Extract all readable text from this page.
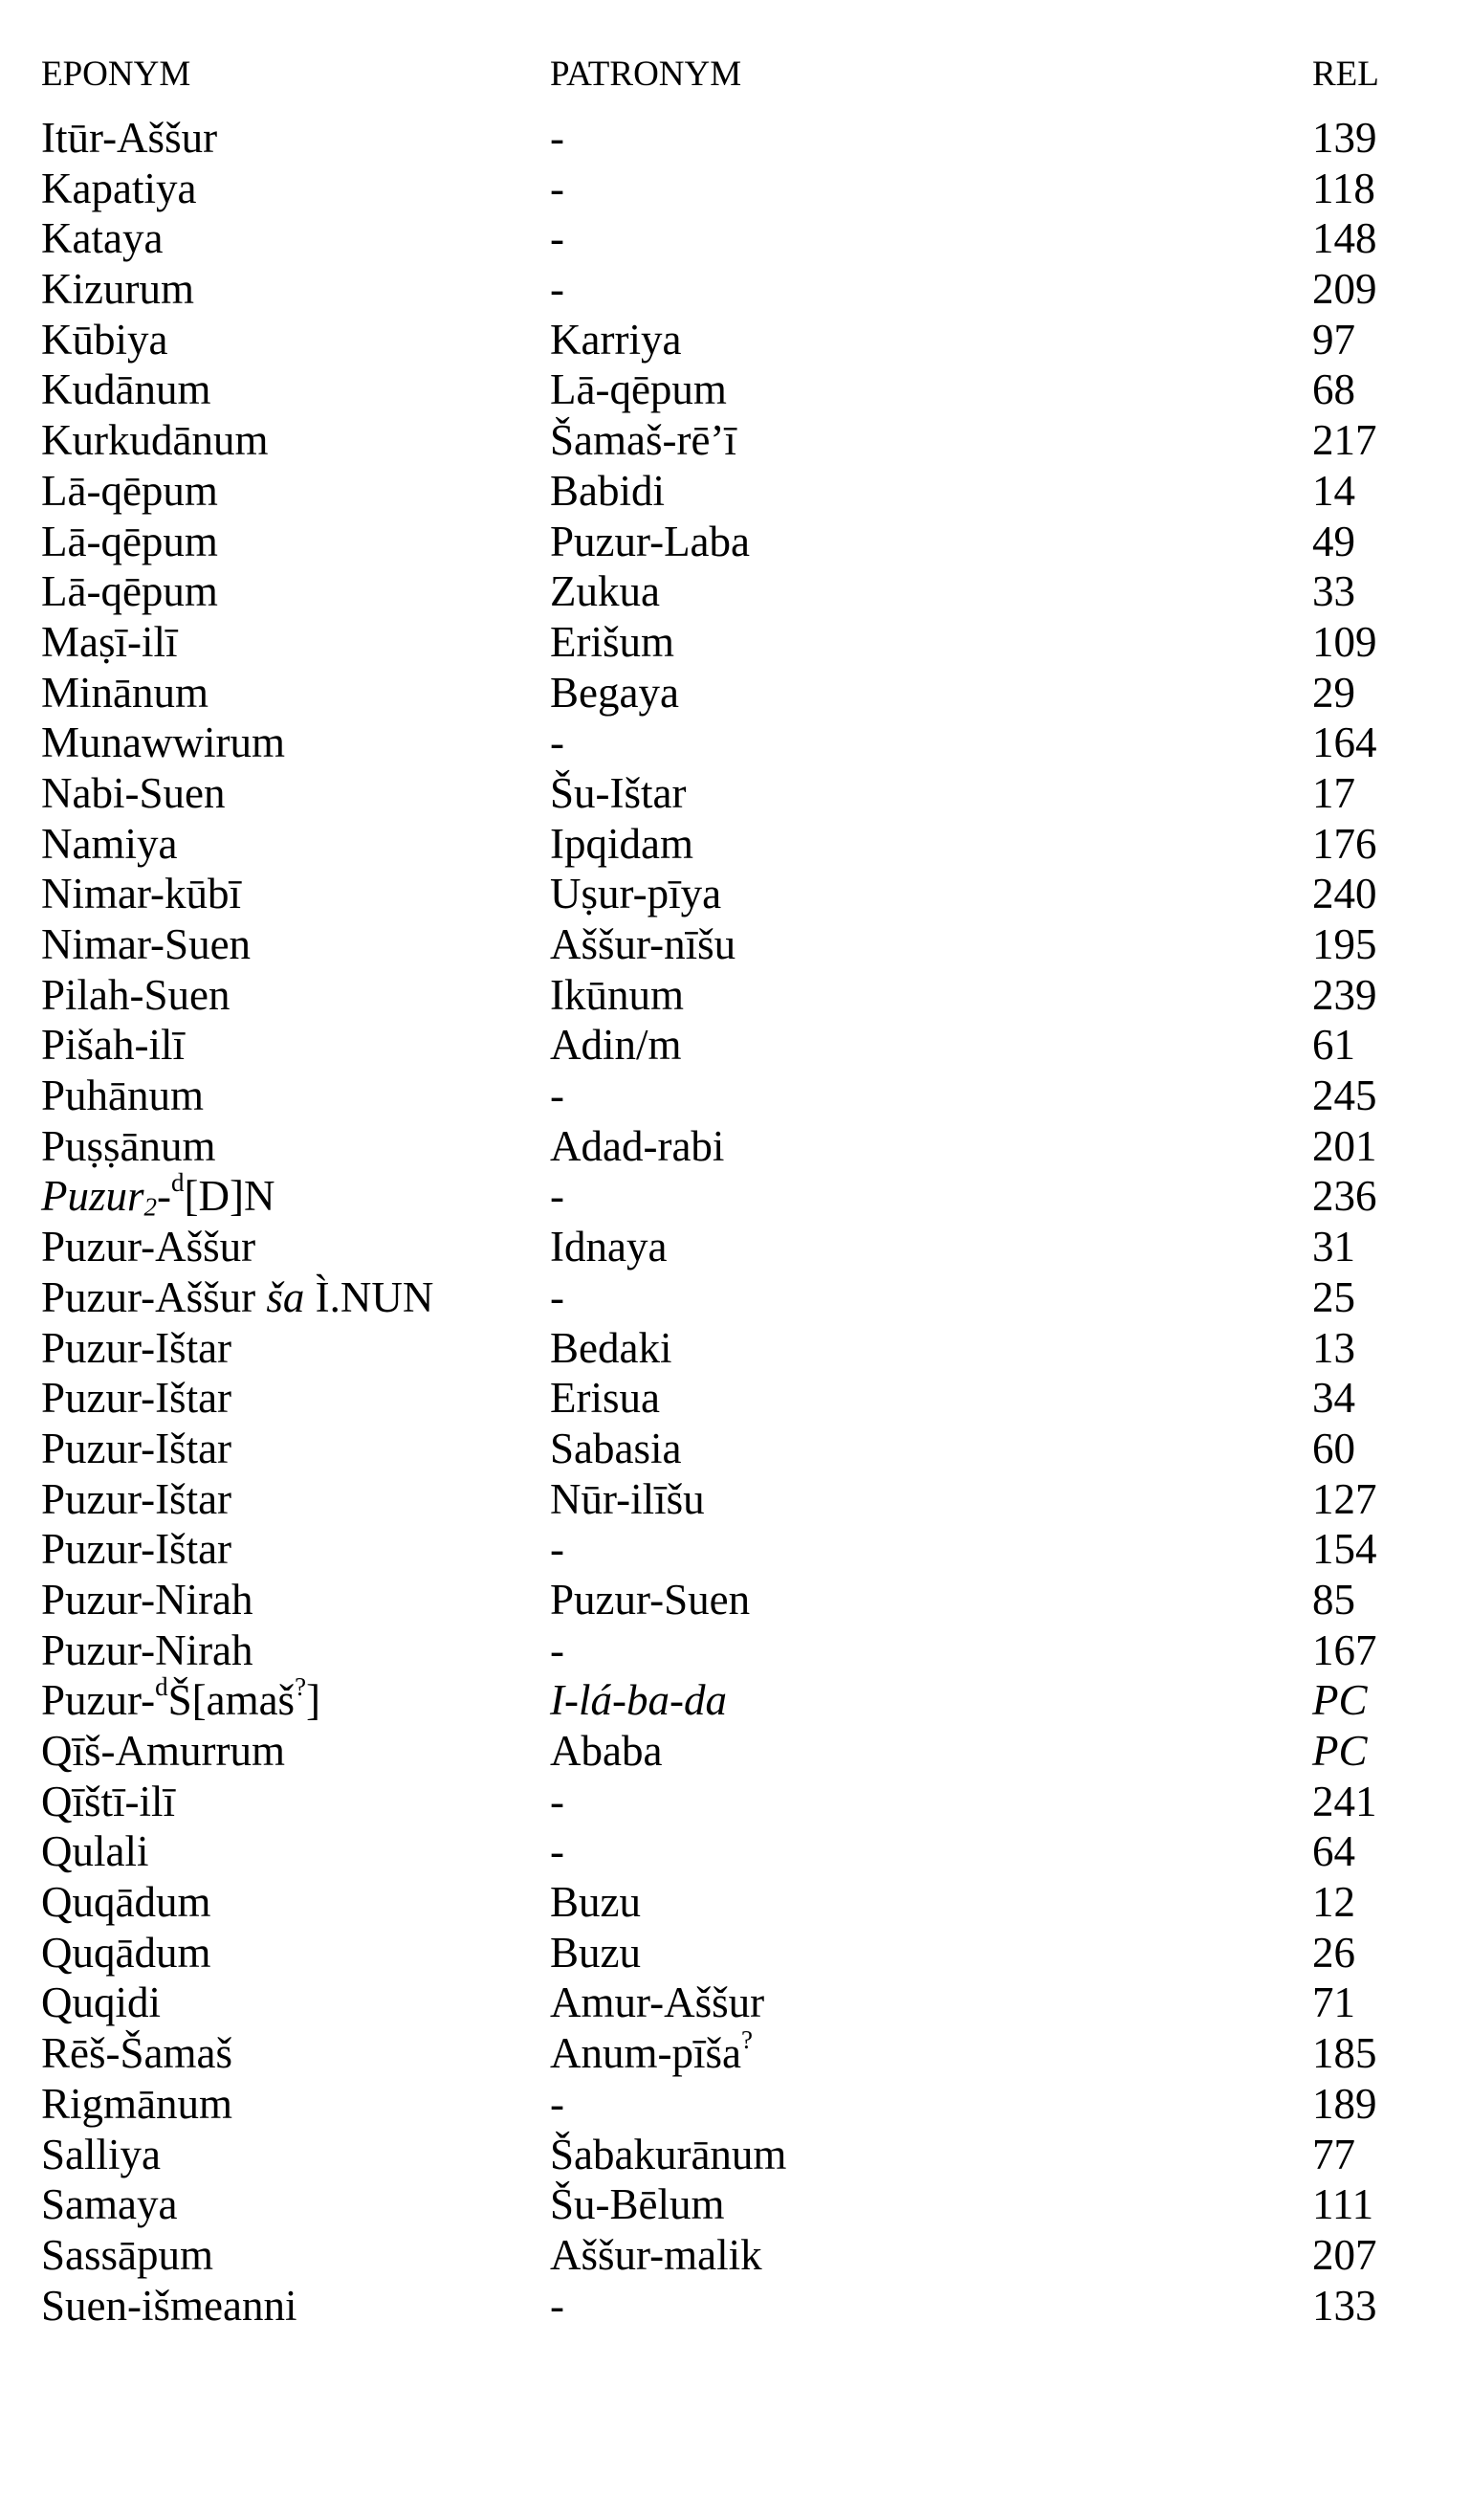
EPONYM	PATRONYM	REL
Itūr-Aššur	-	139
Kapatiya	-	118
Kataya	-	148
Kizurum	-	209
Kūbiya	Karriya	97
Kudānum	Lā-qēpum	68
Kurkudānum	Šamaš-rē’ī	217
Lā-qēpum	Babidi	14
Lā-qēpum	Puzur-Laba	49
Lā-qēpum	Zukua	33
Maṣī-ilī	Erišum	109
Minānum	Begaya	29
Munawwirum	-	164
Nabi-Suen	Šu-Ištar	17
Namiya	Ipqidam	176
Nimar-kūbī	Uṣur-pīya	240
Nimar-Suen	Aššur-nīšu	195
Pilah-Suen	Ikūnum	239
Pišah-ilī	Adin/m	61
Puhānum	-	245
Puṣṣānum	Adad-rabi	201
Puzur$_2$-$^d$[D]N	-	236
Puzur-Aššur	Idnaya	31
Puzur-Aššur ša Ì.NUN	-	25
Puzur-Ištar	Bedaki	13
Puzur-Ištar	Erisua	34
Puzur-Ištar	Sabasia	60
Puzur-Ištar	Nūr-ilīšu	127
Puzur-Ištar	-	154
Puzur-Nirah	Puzur-Suen	85
Puzur-Nirah	-	167
Puzur-$^d$Š[amaš?]	I-lá-ba-da	PC
Qīš-Amurrum	Ababa	PC
Qīštī-ilī	-	241
Qulali	-	64
Quqādum	Buzu	12
Quqādum	Buzu	26
Quqidi	Amur-Aššur	71
Rēš-Šamaš	Anum-pīša?	185
Rigmānum	-	189
Salliya	Šabakurānum	77
Samaya	Šu-Bēlum	111
Sassāpum	Aššur-malik	207
Suen-išmeanni	-	133
